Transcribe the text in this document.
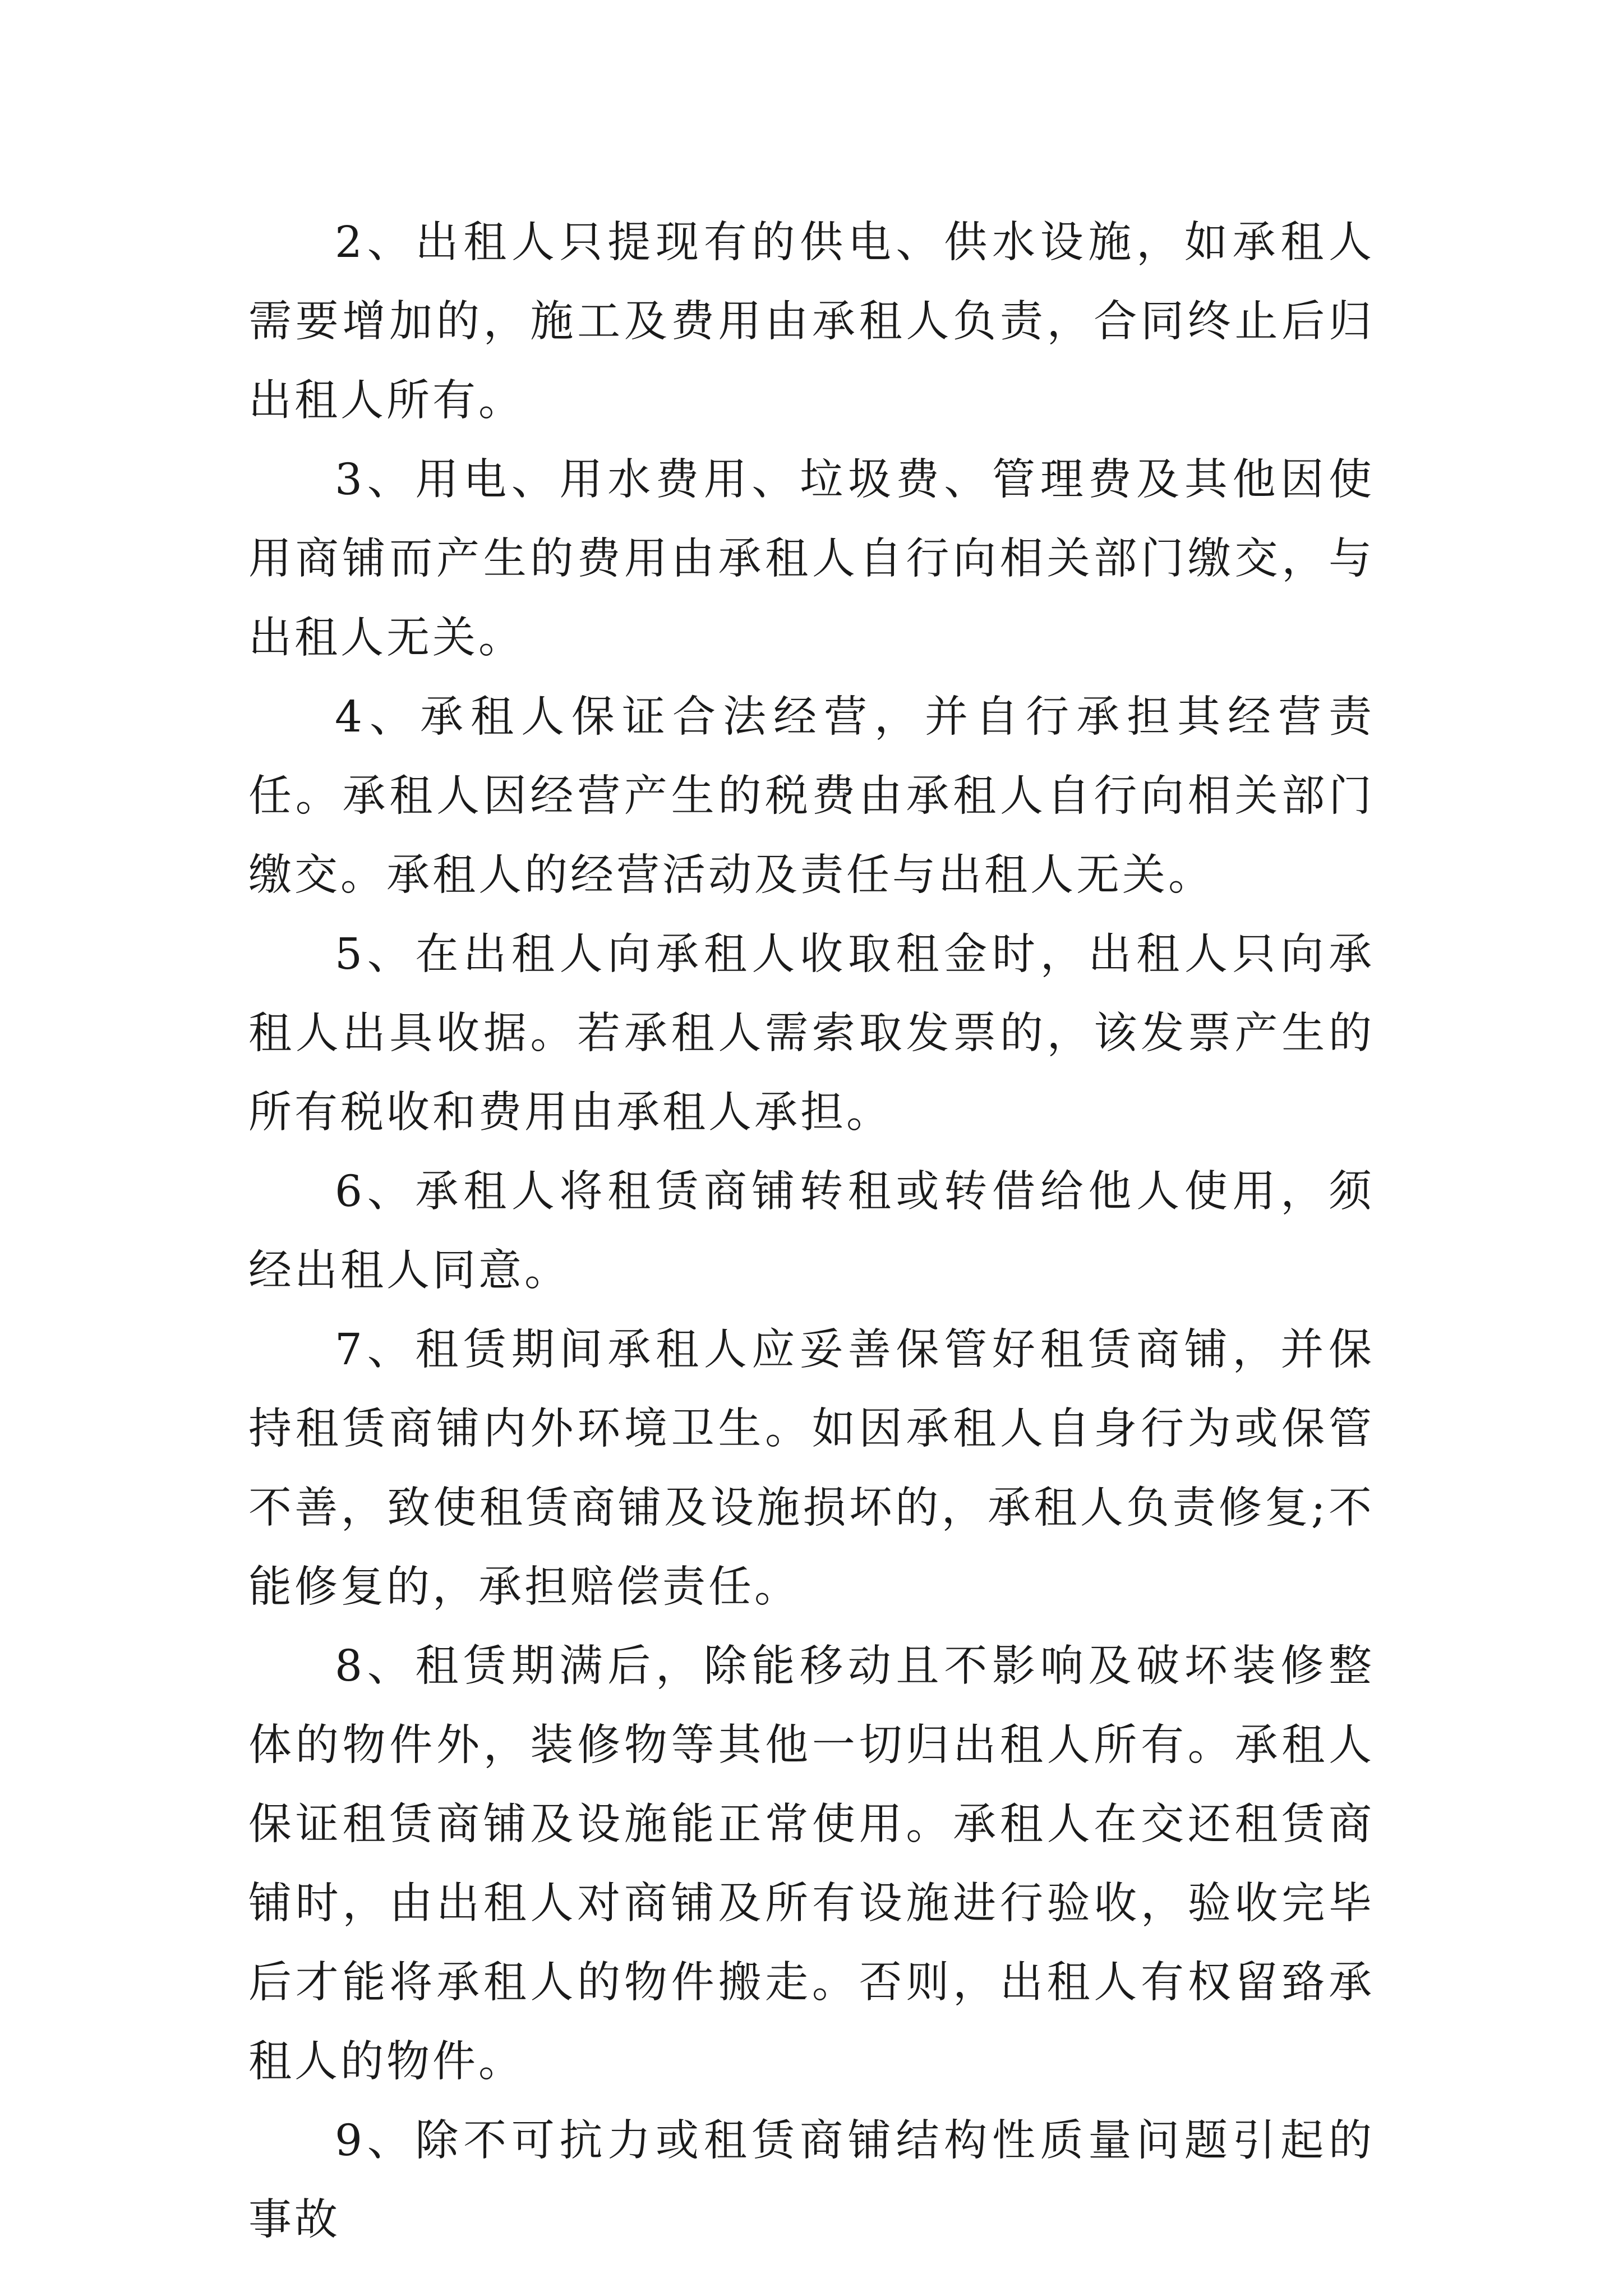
2、出租人只提现有的供电、供水设施，如承租人需要增加的，施工及费用由承租人负责，合同终止后归出租人所有。

3、用电、用水费用、垃圾费、管理费及其他因使用商铺而产生的费用由承租人自行向相关部门缴交，与出租人无关。

4、承租人保证合法经营，并自行承担其经营责任。承租人因经营产生的税费由承租人自行向相关部门缴交。承租人的经营活动及责任与出租人无关。

5、在出租人向承租人收取租金时，出租人只向承租人出具收据。若承租人需索取发票的，该发票产生的所有税收和费用由承租人承担。

6、承租人将租赁商铺转租或转借给他人使用，须经出租人同意。

7、租赁期间承租人应妥善保管好租赁商铺，并保持租赁商铺内外环境卫生。如因承租人自身行为或保管不善，致使租赁商铺及设施损坏的，承租人负责修复;不能修复的，承担赔偿责任。

8、租赁期满后，除能移动且不影响及破坏装修整体的物件外，装修物等其他一切归出租人所有。承租人保证租赁商铺及设施能正常使用。承租人在交还租赁商铺时，由出租人对商铺及所有设施进行验收，验收完毕后才能将承租人的物件搬走。否则，出租人有权留臵承租人的物件。

9、除不可抗力或租赁商铺结构性质量问题引起的事故
